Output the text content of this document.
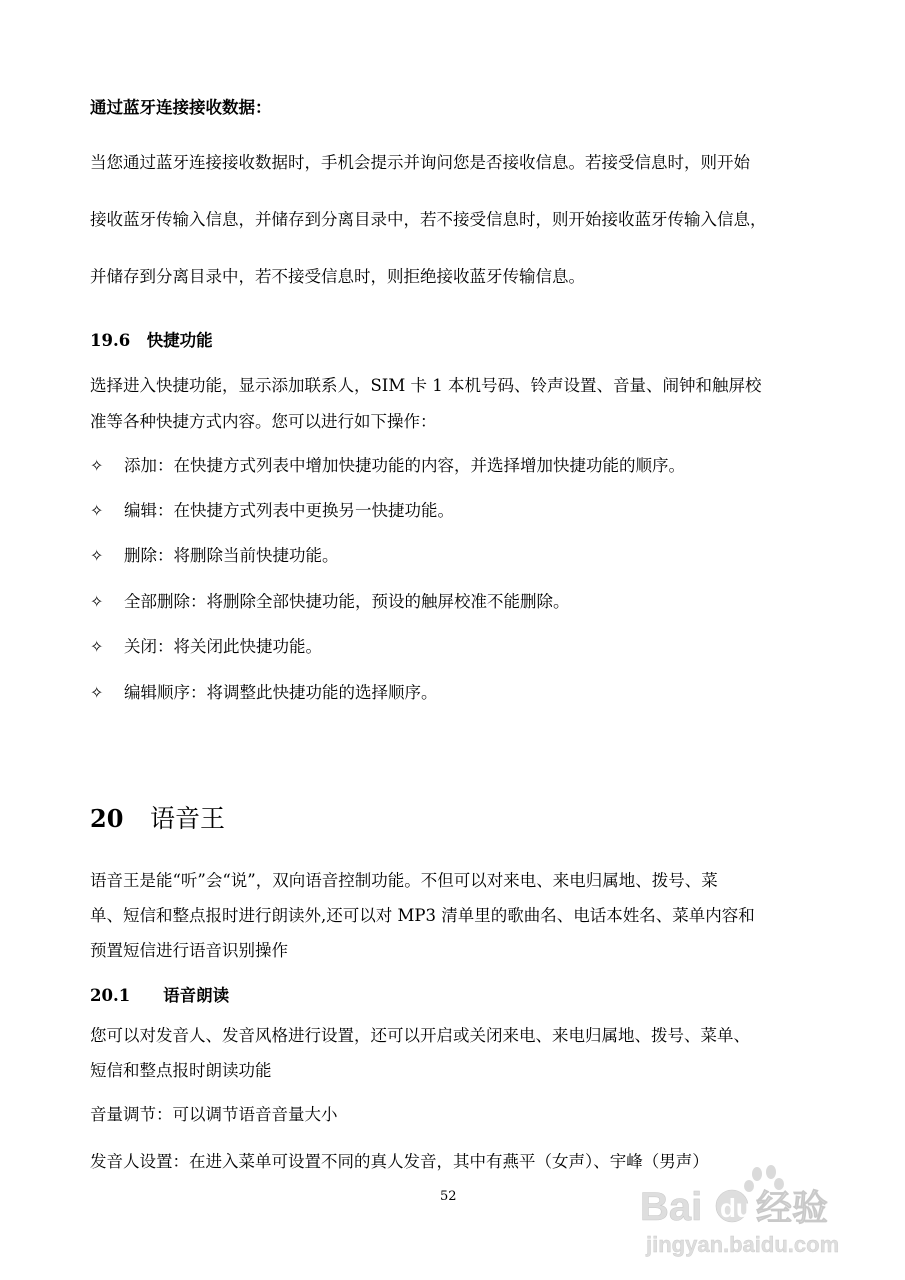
通过蓝牙连接接收数据：
当您通过蓝牙连接接收数据时，手机会提示并询问您是否接收信息。若接受信息时，则开始
接收蓝牙传输入信息，并储存到分离目录中，若不接受信息时，则开始接收蓝牙传输入信息，
并储存到分离目录中，若不接受信息时，则拒绝接收蓝牙传输信息。
19.6　快捷功能
选择进入快捷功能，显示添加联系人，SIM 卡 1 本机号码、铃声设置、音量、闹钟和触屏校
准等各种快捷方式内容。您可以进行如下操作：
✧ 添加：在快捷方式列表中增加快捷功能的内容，并选择增加快捷功能的顺序。
✧ 编辑：在快捷方式列表中更换另一快捷功能。
✧ 删除：将删除当前快捷功能。
✧ 全部删除：将删除全部快捷功能，预设的触屏校准不能删除。
✧ 关闭：将关闭此快捷功能。
✧ 编辑顺序：将调整此快捷功能的选择顺序。
20 语音王
语音王是能“听”会“说”，双向语音控制功能。不但可以对来电、来电归属地、拨号、菜
单、短信和整点报时进行朗读外,还可以对 MP3 清单里的歌曲名、电话本姓名、菜单内容和
预置短信进行语音识别操作
20.1　　语音朗读
您可以对发音人、发音风格进行设置，还可以开启或关闭来电、来电归属地、拨号、菜单、
短信和整点报时朗读功能
音量调节：可以调节语音音量大小
发音人设置：在进入菜单可设置不同的真人发音，其中有燕平（女声）、宇峰（男声）
52	Bai du 经验
jingyan.baidu.com
